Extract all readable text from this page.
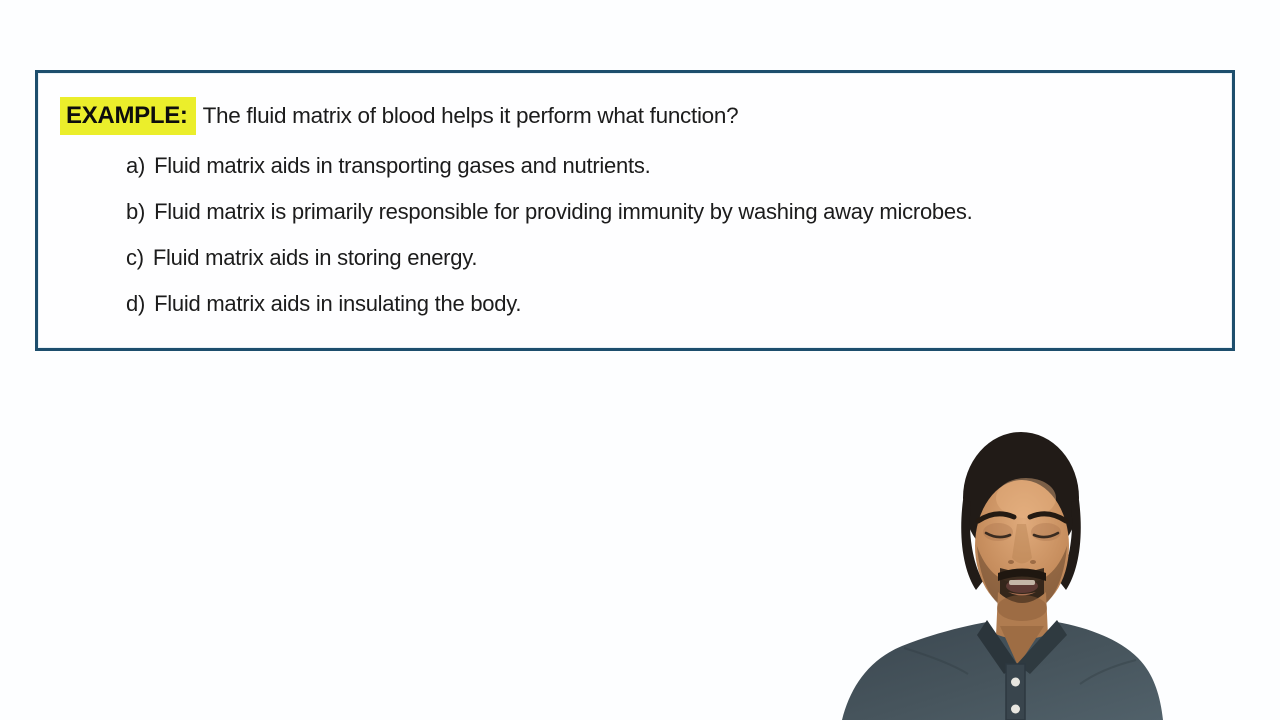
EXAMPLE: The fluid matrix of blood helps it perform what function?
a) Fluid matrix aids in transporting gases and nutrients.
b) Fluid matrix is primarily responsible for providing immunity by washing away microbes.
c) Fluid matrix aids in storing energy.
d) Fluid matrix aids in insulating the body.
